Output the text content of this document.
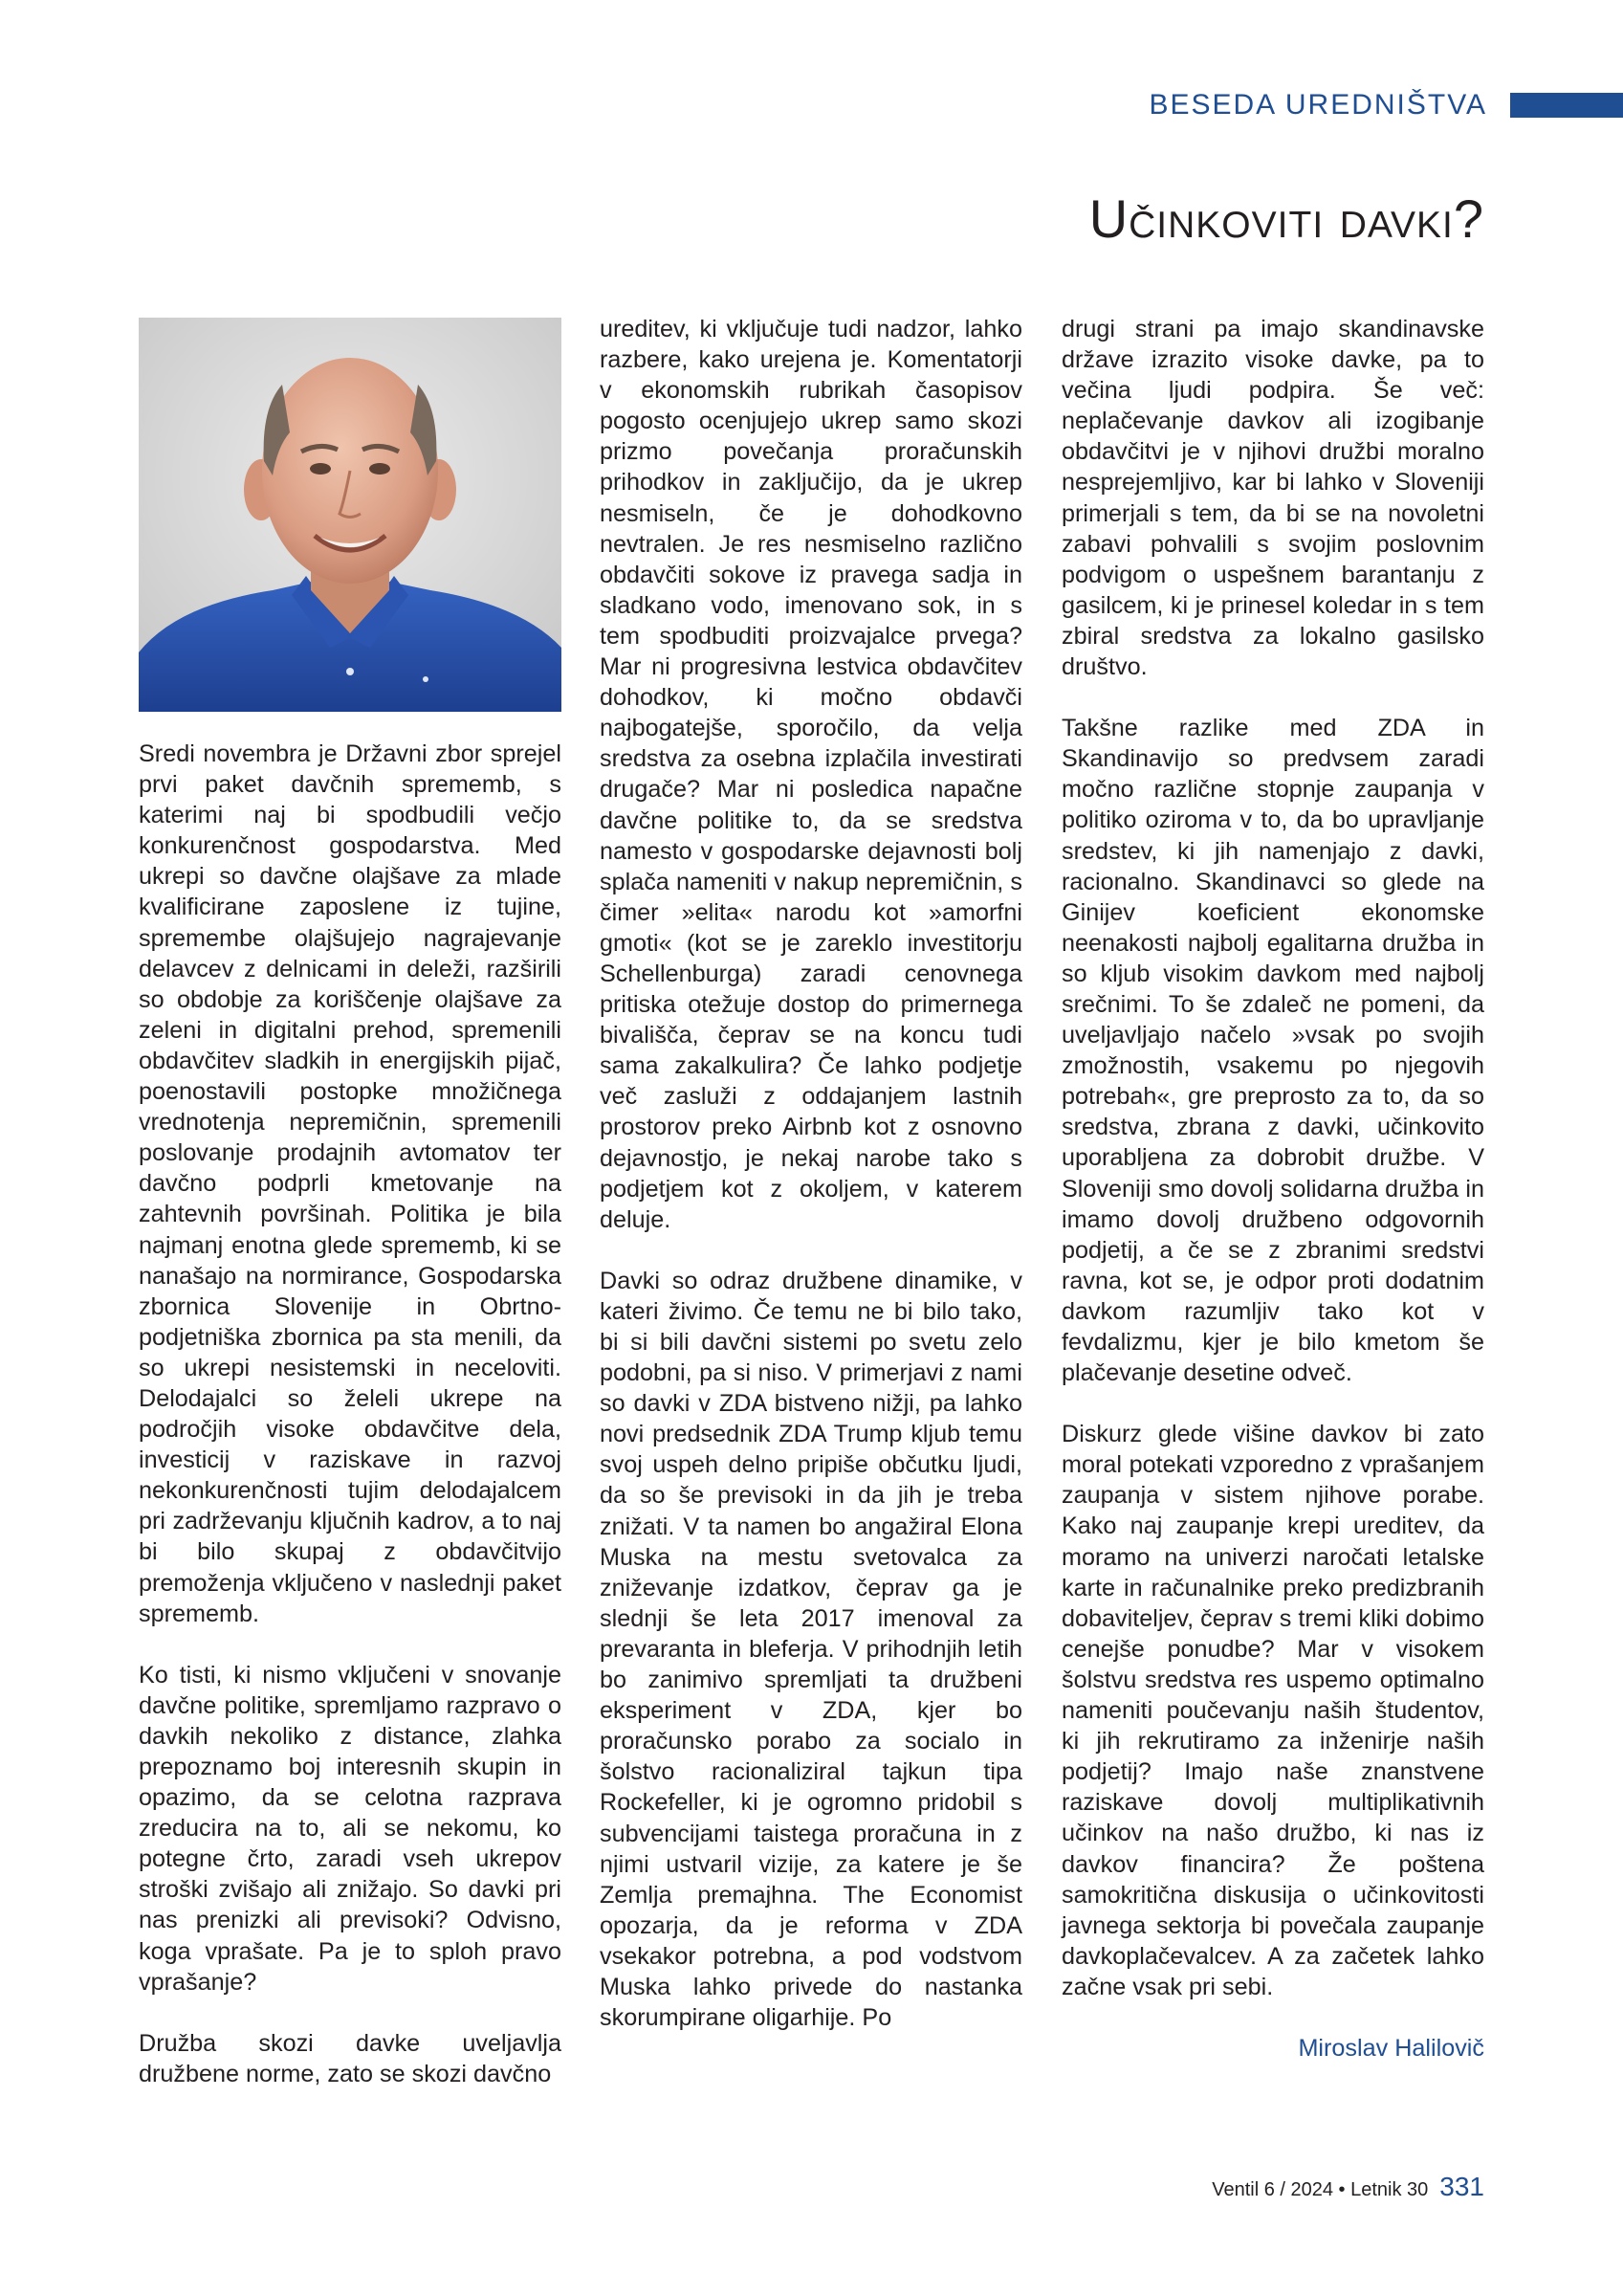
BESEDA UREDNIŠTVA
Učinkoviti davki?

Sredi novembra je Državni zbor sprejel prvi paket davčnih sprememb, s katerimi naj bi spodbudili večjo konkurenčnost gospodarstva. Med ukrepi so davčne olajšave za mlade kvalificirane zaposlene iz tujine, spremembe olajšujejo nagrajevanje delavcev z delnicami in deleži, razširili so obdobje za koriščenje olajšave za zeleni in digitalni prehod, spremenili obdavčitev sladkih in energijskih pijač, poenostavili postopke množičnega vrednotenja nepremičnin, spremenili poslovanje prodajnih avtomatov ter davčno podprli kmetovanje na zahtevnih površinah. Politika je bila najmanj enotna glede sprememb, ki se nanašajo na normirance, Gospodarska zbornica Slovenije in Obrtno-podjetniška zbornica pa sta menili, da so ukrepi nesistemski in neceloviti. Delodajalci so želeli ukrepe na področjih visoke obdavčitve dela, investicij v raziskave in razvoj nekonkurenčnosti tujim delodajalcem pri zadrževanju ključnih kadrov, a to naj bi bilo skupaj z obdavčitvijo premoženja vključeno v naslednji paket sprememb.

Ko tisti, ki nismo vključeni v snovanje davčne politike, spremljamo razpravo o davkih nekoliko z distance, zlahka prepoznamo boj interesnih skupin in opazimo, da se celotna razprava zreducira na to, ali se nekomu, ko potegne črto, zaradi vseh ukrepov stroški zvišajo ali znižajo. So davki pri nas prenizki ali previsoki? Odvisno, koga vprašate. Pa je to sploh pravo vprašanje?

Družba skozi davke uveljavlja družbene norme, zato se skozi davčno

ureditev, ki vključuje tudi nadzor, lahko razbere, kako urejena je. Komentatorji v ekonomskih rubrikah časopisov pogosto ocenjujejo ukrep samo skozi prizmo povečanja proračunskih prihodkov in zaključijo, da je ukrep nesmiseln, če je dohodkovno nevtralen. Je res nesmiselno različno obdavčiti sokove iz pravega sadja in sladkano vodo, imenovano sok, in s tem spodbuditi proizvajalce prvega? Mar ni progresivna lestvica obdavčitev dohodkov, ki močno obdavči najbogatejše, sporočilo, da velja sredstva za osebna izplačila investirati drugače? Mar ni posledica napačne davčne politike to, da se sredstva namesto v gospodarske dejavnosti bolj splača nameniti v nakup nepremičnin, s čimer »elita« narodu kot »amorfni gmoti« (kot se je zareklo investitorju Schellenburga) zaradi cenovnega pritiska otežuje dostop do primernega bivališča, čeprav se na koncu tudi sama zakalkulira? Če lahko podjetje več zasluži z oddajanjem lastnih prostorov preko Airbnb kot z osnovno dejavnostjo, je nekaj narobe tako s podjetjem kot z okoljem, v katerem deluje.

Davki so odraz družbene dinamike, v kateri živimo. Če temu ne bi bilo tako, bi si bili davčni sistemi po svetu zelo podobni, pa si niso. V primerjavi z nami so davki v ZDA bistveno nižji, pa lahko novi predsednik ZDA Trump kljub temu svoj uspeh delno pripiše občutku ljudi, da so še previsoki in da jih je treba znižati. V ta namen bo angažiral Elona Muska na mestu svetovalca za zniževanje izdatkov, čeprav ga je slednji še leta 2017 imenoval za prevaranta in bleferja. V prihodnjih letih bo zanimivo spremljati ta družbeni eksperiment v ZDA, kjer bo proračunsko porabo za socialo in šolstvo racionaliziral tajkun tipa Rockefeller, ki je ogromno pridobil s subvencijami taistega proračuna in z njimi ustvaril vizije, za katere je še Zemlja premajhna. The Economist opozarja, da je reforma v ZDA vsekakor potrebna, a pod vodstvom Muska lahko privede do nastanka skorumpirane oligarhije. Po

drugi strani pa imajo skandinavske države izrazito visoke davke, pa to večina ljudi podpira. Še več: neplačevanje davkov ali izogibanje obdavčitvi je v njihovi družbi moralno nesprejemljivo, kar bi lahko v Sloveniji primerjali s tem, da bi se na novoletni zabavi pohvalili s svojim poslovnim podvigom o uspešnem barantanju z gasilcem, ki je prinesel koledar in s tem zbiral sredstva za lokalno gasilsko društvo.

Takšne razlike med ZDA in Skandinavijo so predvsem zaradi močno različne stopnje zaupanja v politiko oziroma v to, da bo upravljanje sredstev, ki jih namenjajo z davki, racionalno. Skandinavci so glede na Ginijev koeficient ekonomske neenakosti najbolj egalitarna družba in so kljub visokim davkom med najbolj srečnimi. To še zdaleč ne pomeni, da uveljavljajo načelo »vsak po svojih zmožnostih, vsakemu po njegovih potrebah«, gre preprosto za to, da so sredstva, zbrana z davki, učinkovito uporabljena za dobrobit družbe. V Sloveniji smo dovolj solidarna družba in imamo dovolj družbeno odgovornih podjetij, a če se z zbranimi sredstvi ravna, kot se, je odpor proti dodatnim davkom razumljiv tako kot v fevdalizmu, kjer je bilo kmetom še plačevanje desetine odveč.

Diskurz glede višine davkov bi zato moral potekati vzporedno z vprašanjem zaupanja v sistem njihove porabe. Kako naj zaupanje krepi ureditev, da moramo na univerzi naročati letalske karte in računalnike preko predizbranih dobaviteljev, čeprav s tremi kliki dobimo cenejše ponudbe? Mar v visokem šolstvu sredstva res uspemo optimalno nameniti poučevanju naših študentov, ki jih rekrutiramo za inženirje naših podjetij? Imajo naše znanstvene raziskave dovolj multiplikativnih učinkov na našo družbo, ki nas iz davkov financira? Že poštena samokritična diskusija o učinkovitosti javnega sektorja bi povečala zaupanje davkoplačevalcev. A za začetek lahko začne vsak pri sebi.

Miroslav Halilovič

Ventil 6 / 2024 • Letnik 30 331
